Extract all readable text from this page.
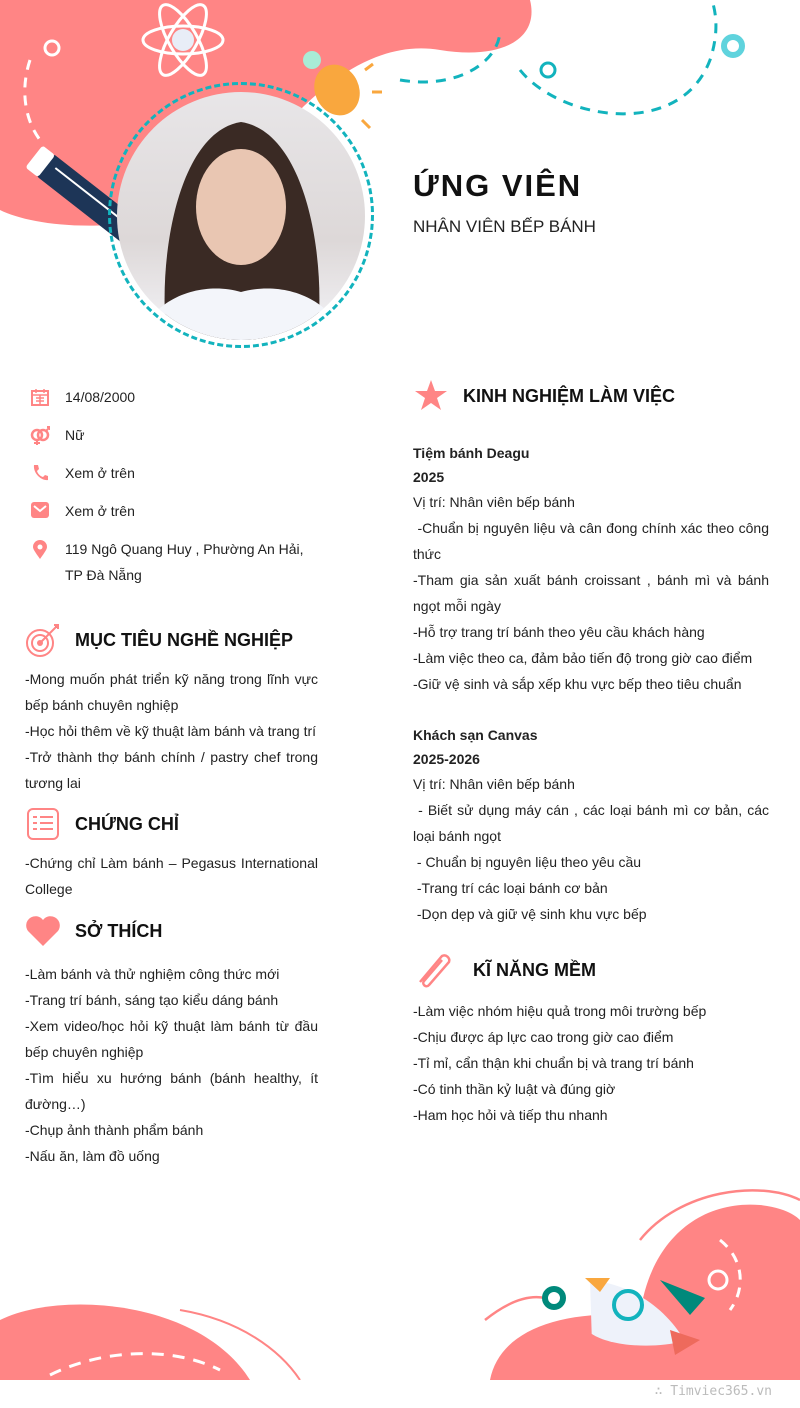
ỨNG VIÊN
NHÂN VIÊN BẾP BÁNH
14/08/2000
Nữ
Xem ở trên
Xem ở trên
119 Ngô Quang Huy , Phường An Hải, TP Đà Nẵng
MỤC TIÊU NGHỀ NGHIỆP
-Mong muốn phát triển kỹ năng trong lĩnh vực bếp bánh chuyên nghiệp
-Học hỏi thêm về kỹ thuật làm bánh và trang trí
-Trở thành thợ bánh chính / pastry chef trong tương lai
CHỨNG CHỈ
-Chứng chỉ Làm bánh – Pegasus International College
SỞ THÍCH
-Làm bánh và thử nghiệm công thức mới
-Trang trí bánh, sáng tạo kiểu dáng bánh
-Xem video/học hỏi kỹ thuật làm bánh từ đầu bếp chuyên nghiệp
-Tìm hiểu xu hướng bánh (bánh healthy, ít đường…)
-Chụp ảnh thành phẩm bánh
-Nấu ăn, làm đồ uống
KINH NGHIỆM LÀM VIỆC
Tiệm bánh Deagu
2025
Vị trí: Nhân viên bếp bánh
-Chuẩn bị nguyên liệu và cân đong chính xác theo công thức
-Tham gia sản xuất bánh croissant , bánh mì và bánh ngọt mỗi ngày
-Hỗ trợ trang trí bánh theo yêu cầu khách hàng
-Làm việc theo ca, đảm bảo tiến độ trong giờ cao điểm
-Giữ vệ sinh và sắp xếp khu vực bếp theo tiêu chuẩn
Khách sạn Canvas
2025-2026
Vị trí: Nhân viên bếp bánh
- Biết sử dụng máy cán , các loại bánh mì cơ bản, các loại bánh ngọt
- Chuẩn bị nguyên liệu theo yêu cầu
-Trang trí các loại bánh cơ bản
-Dọn dẹp và giữ vệ sinh khu vực bếp
KĨ NĂNG MỀM
-Làm việc nhóm hiệu quả trong môi trường bếp
-Chịu được áp lực cao trong giờ cao điểm
-Tỉ mỉ, cẩn thận khi chuẩn bị và trang trí bánh
-Có tinh thần kỷ luật và đúng giờ
-Ham học hỏi và tiếp thu nhanh
∴ Timviec365.vn
